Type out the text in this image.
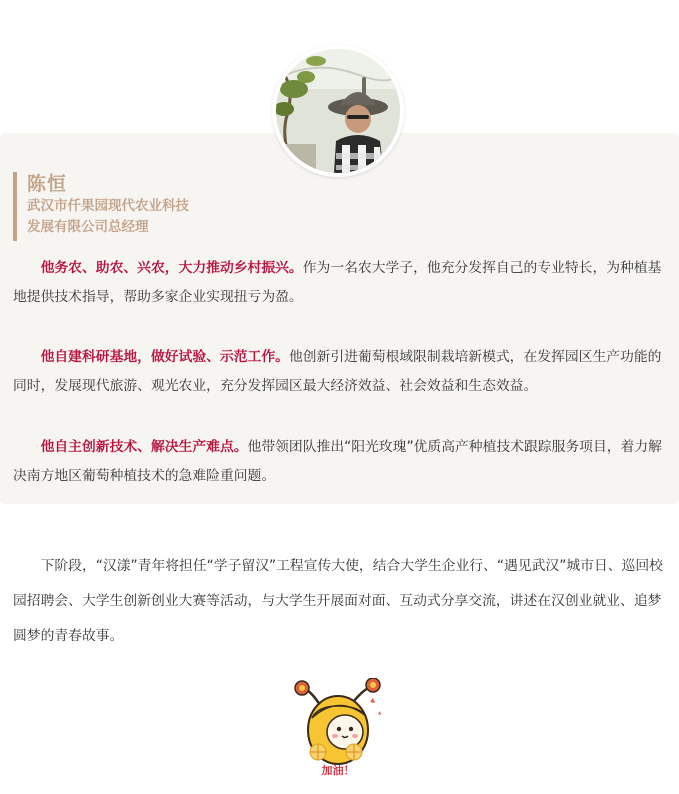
陈恒
武汉市仟果园现代农业科技
发展有限公司总经理

他务农、助农、兴农，大力推动乡村振兴。作为一名农大学子，他充分发挥自己的专业特长，为种植基地提供技术指导，帮助多家企业实现扭亏为盈。

他自建科研基地，做好试验、示范工作。他创新引进葡萄根域限制栽培新模式，在发挥园区生产功能的同时，发展现代旅游、观光农业，充分发挥园区最大经济效益、社会效益和生态效益。

他自主创新技术、解决生产难点。他带领团队推出“阳光玫瑰”优质高产种植技术跟踪服务项目，着力解决南方地区葡萄种植技术的急难险重问题。

下阶段，“汉漾”青年将担任“学子留汉”工程宣传大使，结合大学生企业行、“遇见武汉”城市日、巡回校园招聘会、大学生创新创业大赛等活动，与大学生开展面对面、互动式分享交流，讲述在汉创业就业、追梦圆梦的青春故事。

加油！
